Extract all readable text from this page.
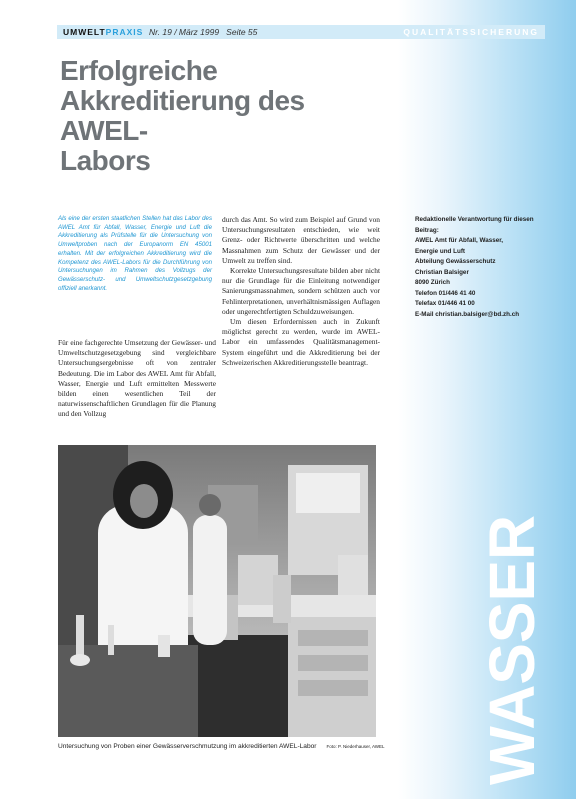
UMWELTPRAXIS Nr. 19 / März 1999 Seite 55	QUALITÄTSSICHERUNG
Erfolgreiche
Akkreditierung des AWEL-
Labors

Als eine der ersten staatlichen Stellen hat das Labor des AWEL Amt für Abfall, Wasser, Energie und Luft die Akkreditierung als Prüfstelle für die Untersuchung von Umweltproben nach der Europanorm EN 45001 erhalten. Mit der erfolgreichen Akkreditierung wird die Kompetenz des AWEL-Labors für die Durchführung von Untersuchungen im Rahmen des Vollzugs der Gewässerschutz- und Umweltschutzgesetzgebung offiziell anerkannt.

Für eine fachgerechte Umsetzung der Gewässer- und Umweltschutzgesetzgebung sind vergleichbare Untersuchungsergebnisse oft von zentraler Bedeutung. Die im Labor des AWEL Amt für Abfall, Wasser, Energie und Luft ermittelten Messwerte bilden einen wesentlichen Teil der naturwissenschaftlichen Grundlagen für die Planung und den Vollzug

durch das Amt. So wird zum Beispiel auf Grund von Untersuchungsresultaten entschieden, wie weit Grenz- oder Richtwerte überschritten und welche Massnahmen zum Schutz der Gewässer und der Umwelt zu treffen sind.

Korrekte Untersuchungsresultate bilden aber nicht nur die Grundlage für die Einleitung notwendiger Sanierungsmassnahmen, sondern schützen auch vor Fehlinterpretationen, unverhältnismässigen Auflagen oder ungerechtfertigten Schuldzuweisungen.

Um diesen Erfordernissen auch in Zukunft möglichst gerecht zu werden, wurde im AWEL-Labor ein umfassendes Qualitätsmanagement-System eingeführt und die Akkreditierung bei der Schweizerischen Akkreditierungsstelle beantragt.

Redaktionelle Verantwortung für diesen
Beitrag:
AWEL Amt für Abfall, Wasser,
Energie und Luft
Abteilung Gewässerschutz
Christian Balsiger
8090 Zürich
Telefon 01/446 41 40
Telefax 01/446 41 00
E-Mail christian.balsiger@bd.zh.ch
Untersuchung von Proben einer Gewässerverschmutzung im akkreditierten AWEL-Labor Foto: P. Niederhauser, AWEL WASSER
